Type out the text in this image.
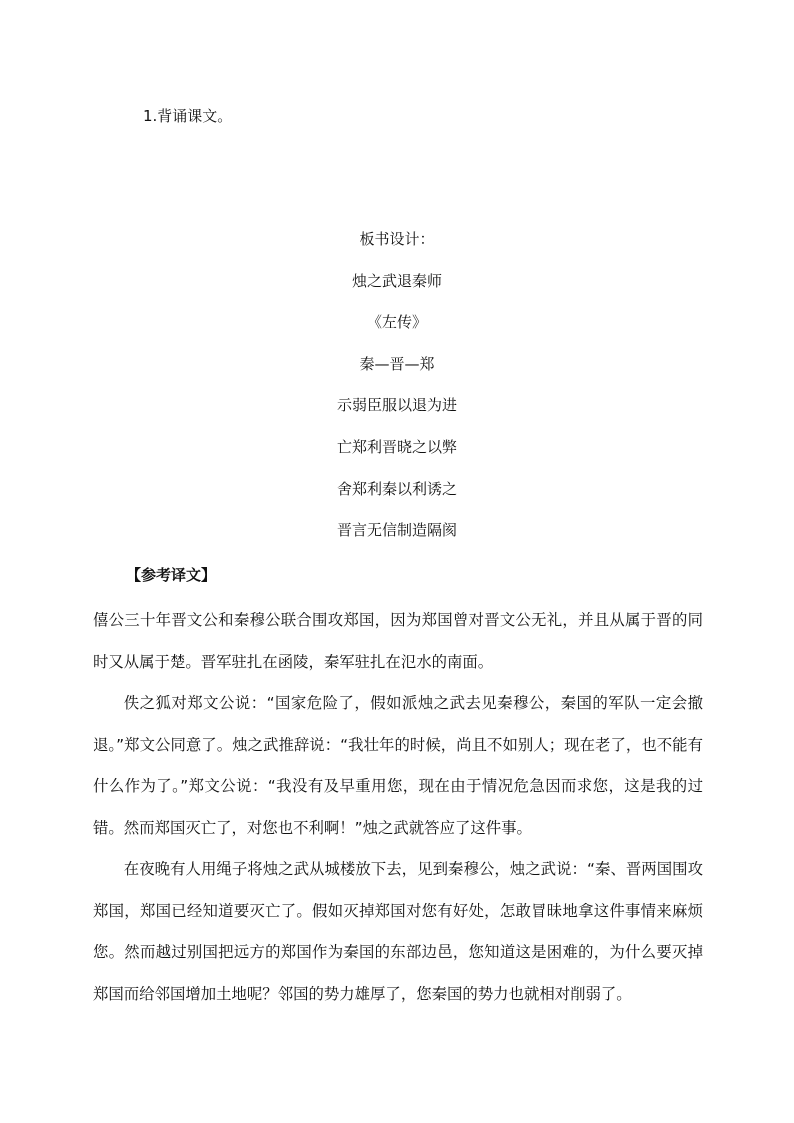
1.背诵课文。
板书设计：
烛之武退秦师
《左传》
秦—晋—郑
示弱臣服以退为进
亡郑利晋晓之以弊
舍郑利秦以利诱之
晋言无信制造隔阂
【参考译文】

僖公三十年晋文公和秦穆公联合围攻郑国，因为郑国曾对晋文公无礼，并且从属于晋的同时又从属于楚。晋军驻扎在函陵，秦军驻扎在氾水的南面。

佚之狐对郑文公说：“国家危险了，假如派烛之武去见秦穆公，秦国的军队一定会撤退。”郑文公同意了。烛之武推辞说：“我壮年的时候，尚且不如别人；现在老了，也不能有什么作为了。”郑文公说：“我没有及早重用您，现在由于情况危急因而求您，这是我的过错。然而郑国灭亡了，对您也不利啊！”烛之武就答应了这件事。

在夜晚有人用绳子将烛之武从城楼放下去，见到秦穆公，烛之武说：“秦、晋两国围攻郑国，郑国已经知道要灭亡了。假如灭掉郑国对您有好处，怎敢冒昧地拿这件事情来麻烦您。然而越过别国把远方的郑国作为秦国的东部边邑，您知道这是困难的，为什么要灭掉郑国而给邻国增加土地呢？邻国的势力雄厚了，您秦国的势力也就相对削弱了。
